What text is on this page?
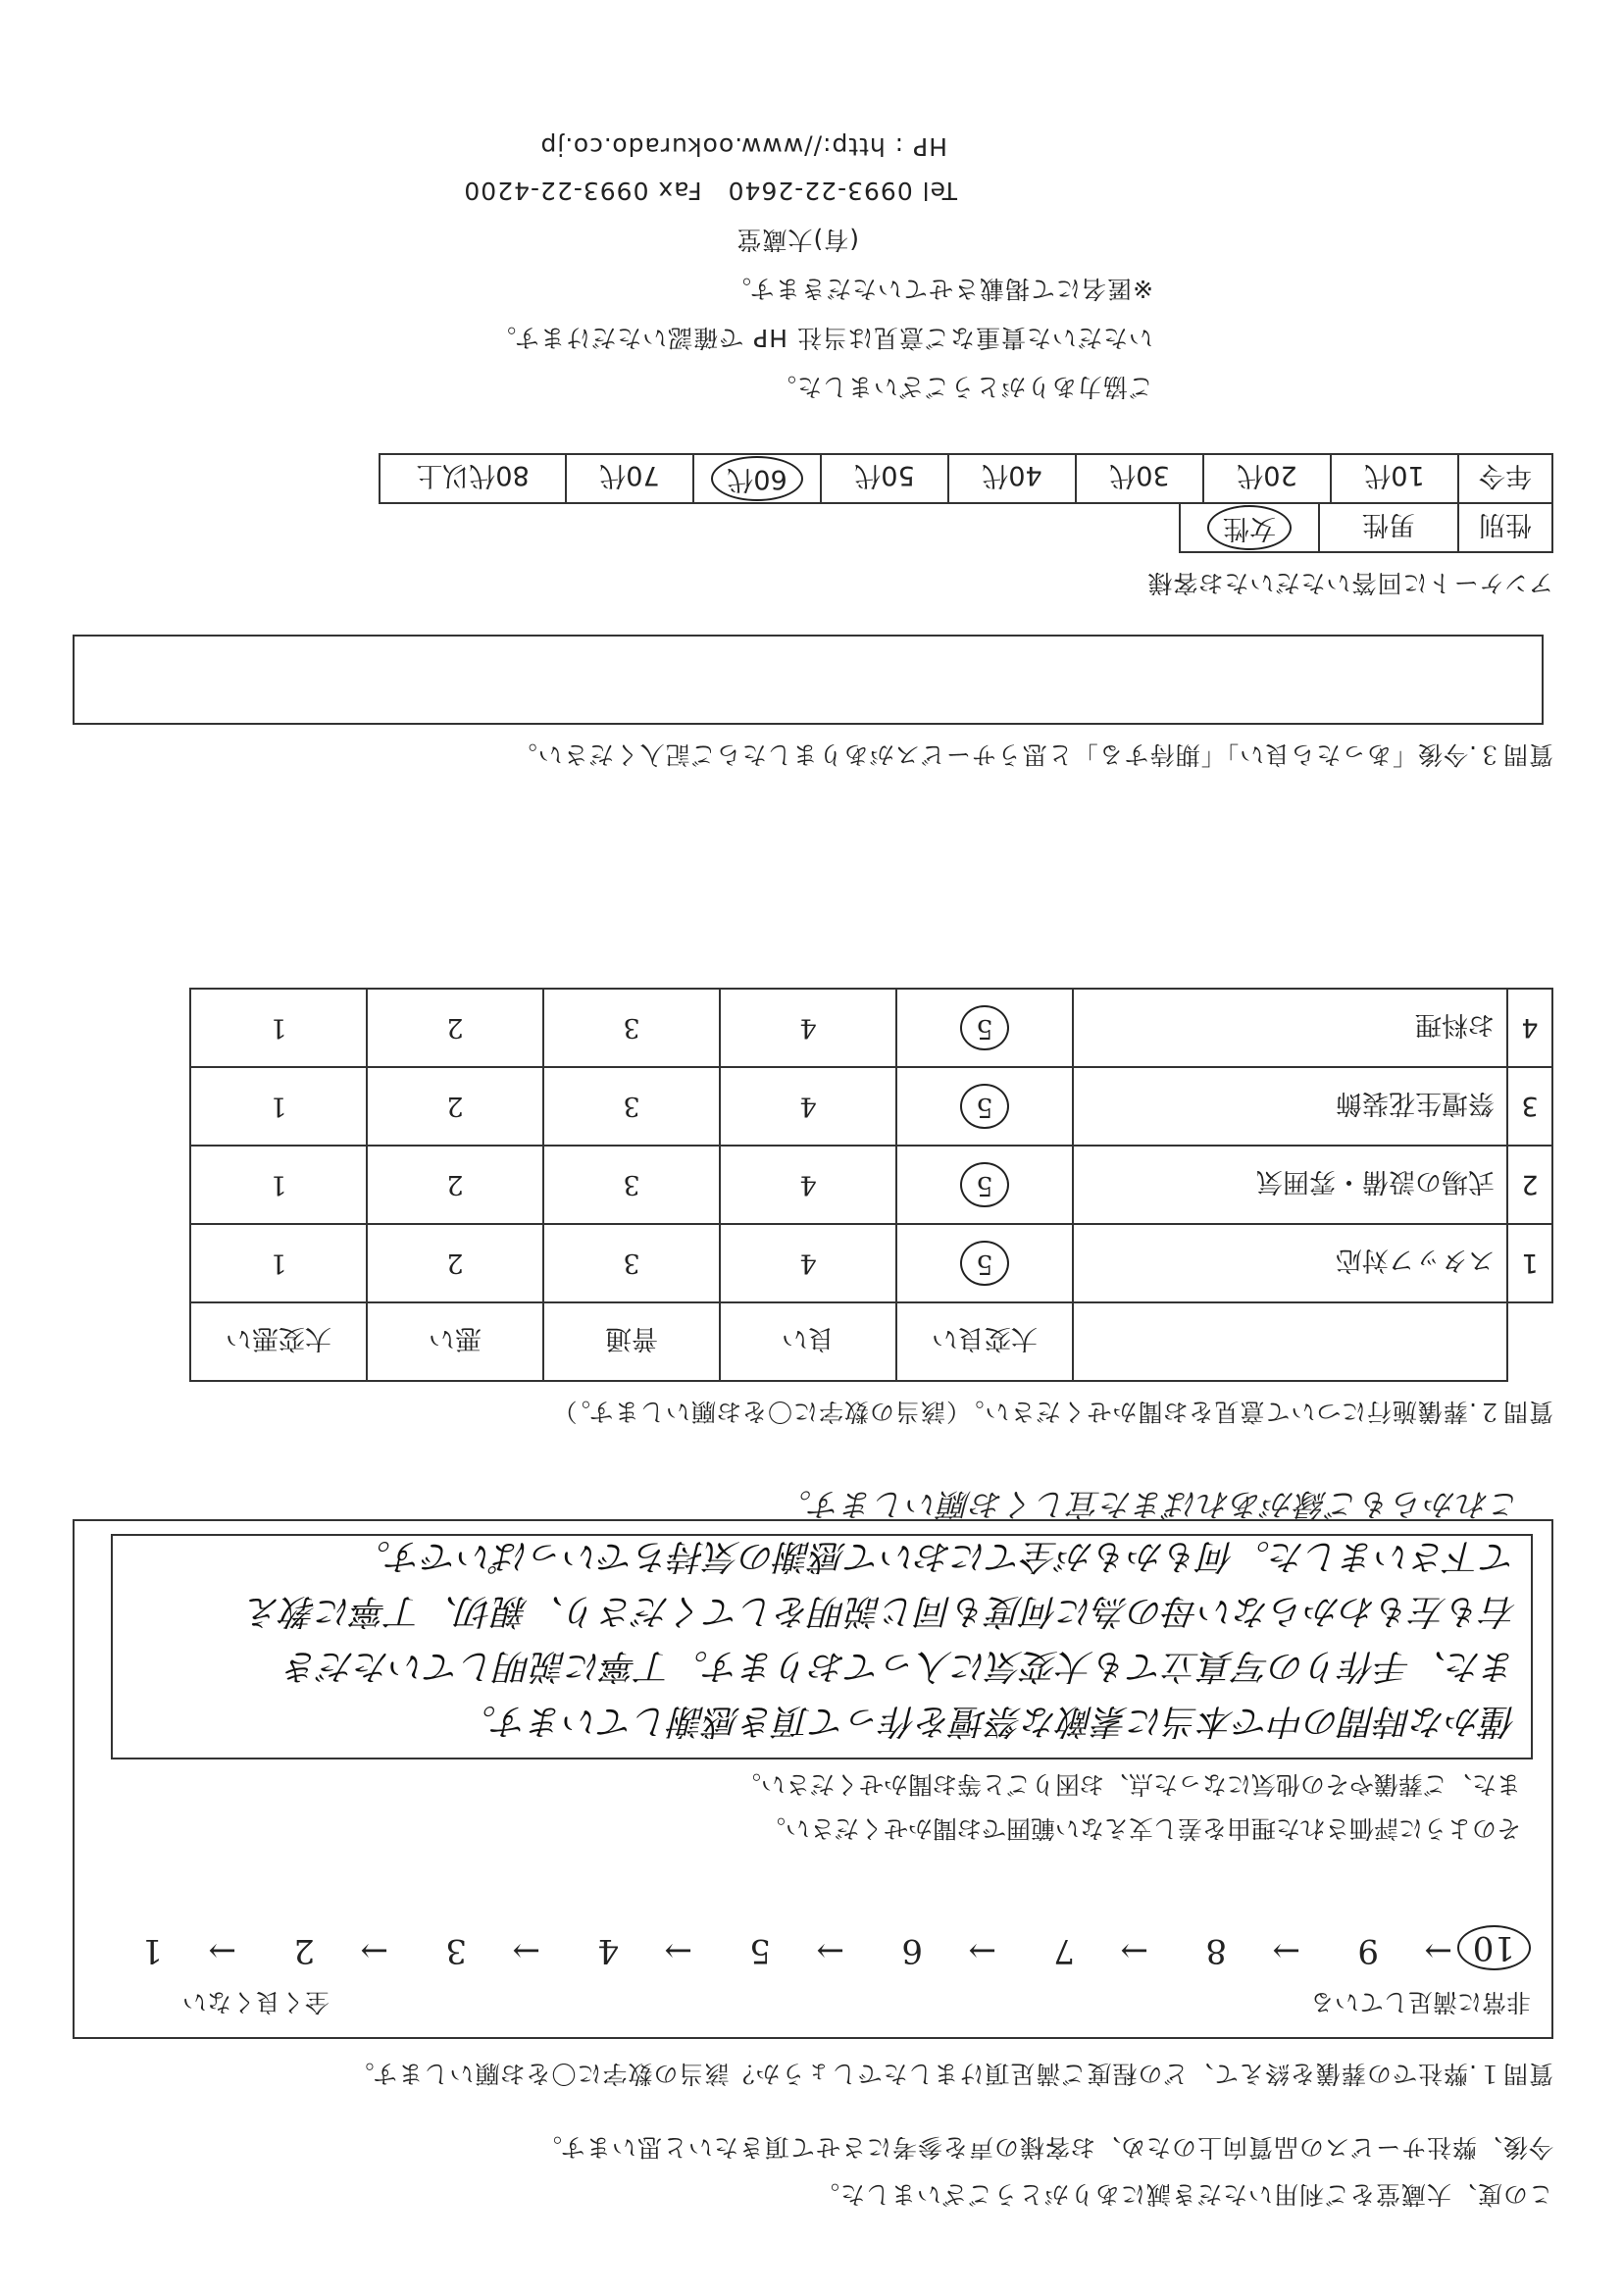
この度、大蔵堂をご利用いただき誠にありがとうございました。
今後、弊社サービスの品質向上のため、お客様の声を参考にさせて頂きたいと思います。
質問１.弊社での葬儀を終えて、どの程度ご満足頂けましたでしょうか？該当の数字に〇をお願いします。
非常に満足している
全く良くない
10
→
9
→
8
→
7
→
6
→
5
→
4
→
3
→
2
→
1
そのように評価された理由を差し支えない範囲でお聞かせください。
また、ご葬儀やその他気になった点、お困りごと等お聞かせください。
僅かな時間の中で本当に素敵な祭壇を作って頂き感謝しています。
また、手作りの写真立ても大変気に入っております。丁寧に説明していただき
右も左もわからない母の為に何度も同じ説明をしてくださり、親切、丁寧に教え
て下さいました。何もかもが全てにおいて感謝の気持ちでいっぱいです。
これからもご縁があればまた宜しくお願いします。
質問２.葬儀施行について意見をお聞かせください。（該当の数字に〇をお願いします。）
		大変良い	良い	普通	悪い	大変悪い
1	スタッフ対応	5	4	3	2	1
2	式場の設備・雰囲気	5	4	3	2	1
3	祭壇生花装飾	5	4	3	2	1
4	お料理	5	4	3	2	1
質問３.今後「あったら良い」「期待する」と思うサービスがありましたらご記入ください。
アンケートに回答いただいたお客様
性別	男性	女性
年令	10代	20代	30代	40代	50代	60代	70代	80代以上
ご協力ありがとうございました。
いただいた貴重なご意見は当社 HP で確認いただけます。
※匿名にて掲載させていただきます。
(有)大蔵堂
Tel 0993-22-2640　Fax 0993-22-4200
HP : http://www.ookurado.co.jp
